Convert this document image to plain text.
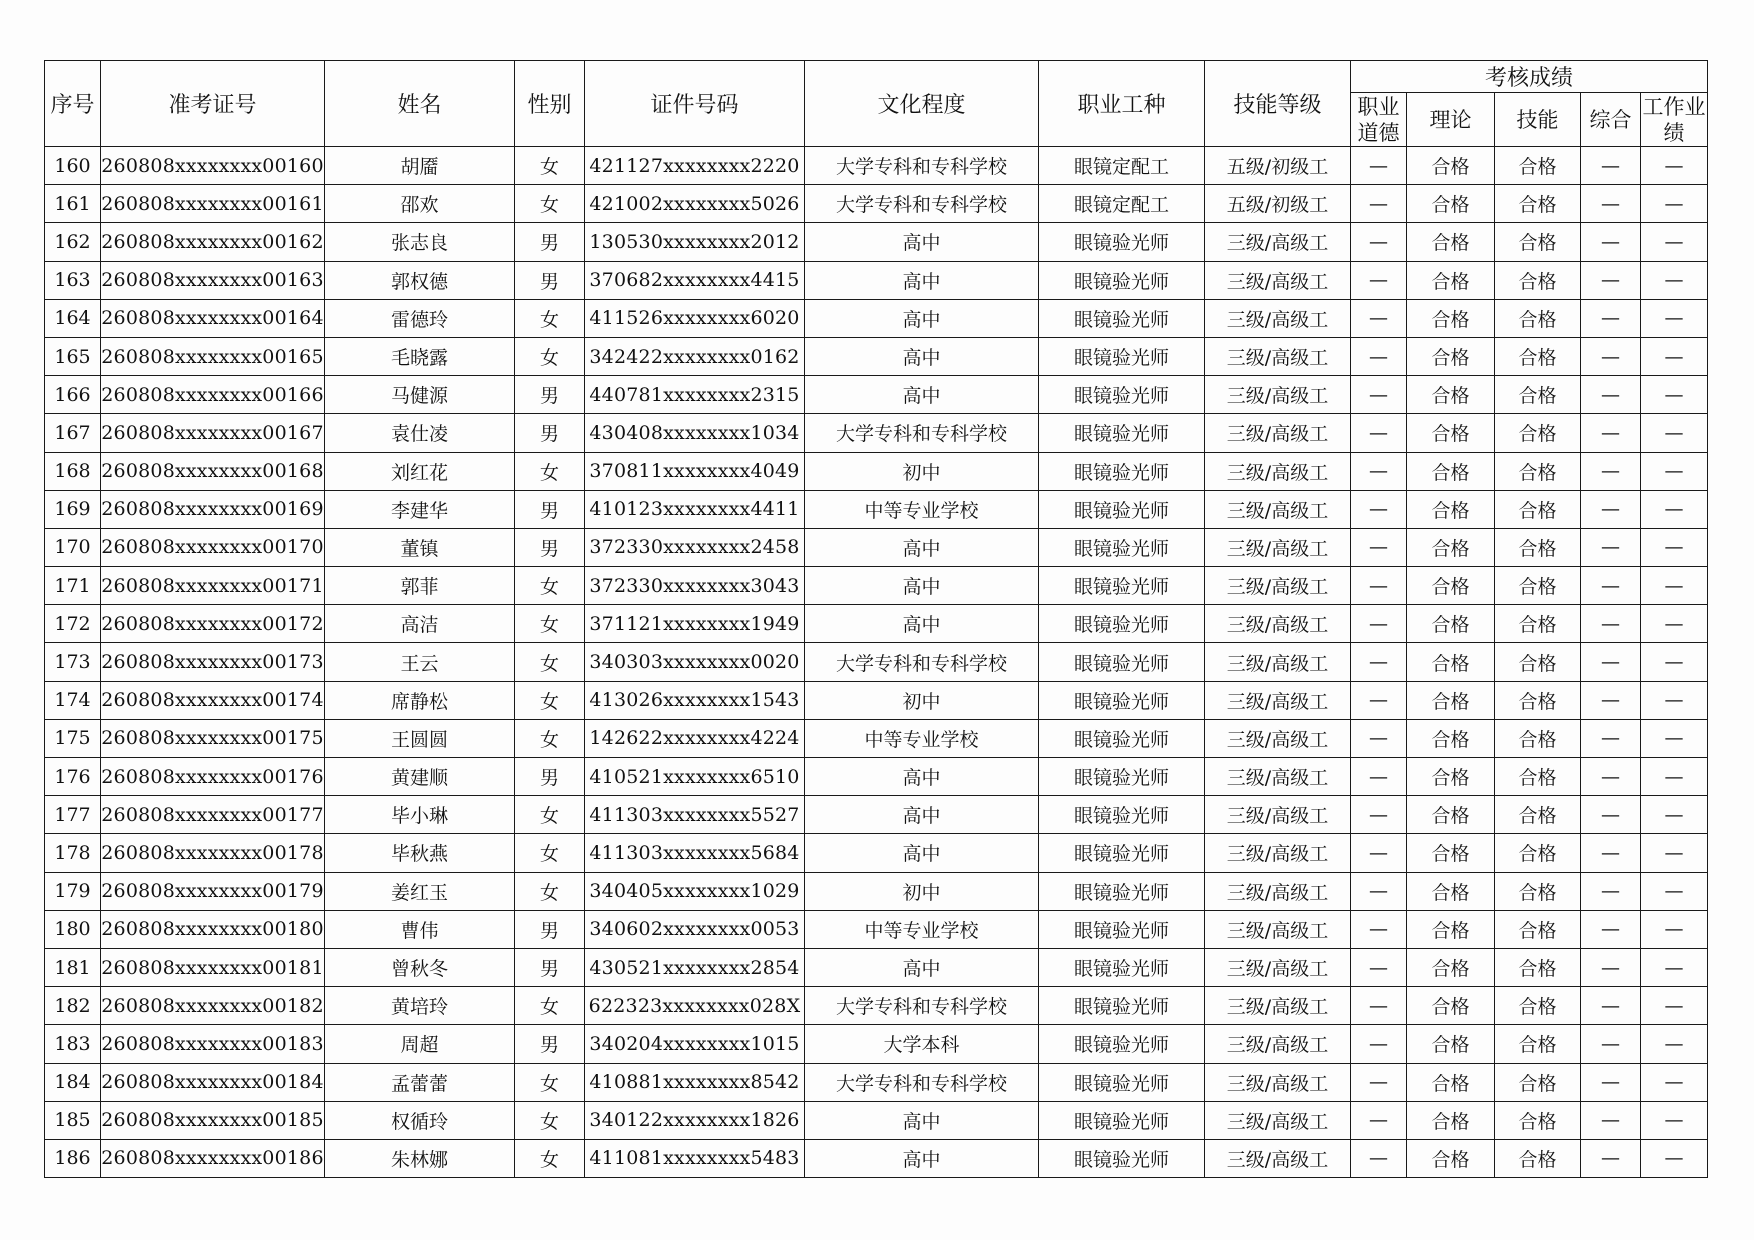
序号	准考证号	姓名	性别	证件号码	文化程度	职业工种	技能等级	考核成绩				
								职业道德	理论	技能	综合	工作业绩
160	260808xxxxxxxx00160	胡靥	女	421127xxxxxxxx2220	大学专科和专科学校	眼镜定配工	五级/初级工	—	合格	合格	—	—
161	260808xxxxxxxx00161	邵欢	女	421002xxxxxxxx5026	大学专科和专科学校	眼镜定配工	五级/初级工	—	合格	合格	—	—
162	260808xxxxxxxx00162	张志良	男	130530xxxxxxxx2012	高中	眼镜验光师	三级/高级工	—	合格	合格	—	—
163	260808xxxxxxxx00163	郭权德	男	370682xxxxxxxx4415	高中	眼镜验光师	三级/高级工	—	合格	合格	—	—
164	260808xxxxxxxx00164	雷德玲	女	411526xxxxxxxx6020	高中	眼镜验光师	三级/高级工	—	合格	合格	—	—
165	260808xxxxxxxx00165	毛晓露	女	342422xxxxxxxx0162	高中	眼镜验光师	三级/高级工	—	合格	合格	—	—
166	260808xxxxxxxx00166	马健源	男	440781xxxxxxxx2315	高中	眼镜验光师	三级/高级工	—	合格	合格	—	—
167	260808xxxxxxxx00167	袁仕凌	男	430408xxxxxxxx1034	大学专科和专科学校	眼镜验光师	三级/高级工	—	合格	合格	—	—
168	260808xxxxxxxx00168	刘红花	女	370811xxxxxxxx4049	初中	眼镜验光师	三级/高级工	—	合格	合格	—	—
169	260808xxxxxxxx00169	李建华	男	410123xxxxxxxx4411	中等专业学校	眼镜验光师	三级/高级工	—	合格	合格	—	—
170	260808xxxxxxxx00170	董镇	男	372330xxxxxxxx2458	高中	眼镜验光师	三级/高级工	—	合格	合格	—	—
171	260808xxxxxxxx00171	郭菲	女	372330xxxxxxxx3043	高中	眼镜验光师	三级/高级工	—	合格	合格	—	—
172	260808xxxxxxxx00172	高洁	女	371121xxxxxxxx1949	高中	眼镜验光师	三级/高级工	—	合格	合格	—	—
173	260808xxxxxxxx00173	王云	女	340303xxxxxxxx0020	大学专科和专科学校	眼镜验光师	三级/高级工	—	合格	合格	—	—
174	260808xxxxxxxx00174	席静松	女	413026xxxxxxxx1543	初中	眼镜验光师	三级/高级工	—	合格	合格	—	—
175	260808xxxxxxxx00175	王圆圆	女	142622xxxxxxxx4224	中等专业学校	眼镜验光师	三级/高级工	—	合格	合格	—	—
176	260808xxxxxxxx00176	黄建顺	男	410521xxxxxxxx6510	高中	眼镜验光师	三级/高级工	—	合格	合格	—	—
177	260808xxxxxxxx00177	毕小琳	女	411303xxxxxxxx5527	高中	眼镜验光师	三级/高级工	—	合格	合格	—	—
178	260808xxxxxxxx00178	毕秋燕	女	411303xxxxxxxx5684	高中	眼镜验光师	三级/高级工	—	合格	合格	—	—
179	260808xxxxxxxx00179	姜红玉	女	340405xxxxxxxx1029	初中	眼镜验光师	三级/高级工	—	合格	合格	—	—
180	260808xxxxxxxx00180	曹伟	男	340602xxxxxxxx0053	中等专业学校	眼镜验光师	三级/高级工	—	合格	合格	—	—
181	260808xxxxxxxx00181	曾秋冬	男	430521xxxxxxxx2854	高中	眼镜验光师	三级/高级工	—	合格	合格	—	—
182	260808xxxxxxxx00182	黄培玲	女	622323xxxxxxxx028X	大学专科和专科学校	眼镜验光师	三级/高级工	—	合格	合格	—	—
183	260808xxxxxxxx00183	周超	男	340204xxxxxxxx1015	大学本科	眼镜验光师	三级/高级工	—	合格	合格	—	—
184	260808xxxxxxxx00184	孟蕾蕾	女	410881xxxxxxxx8542	大学专科和专科学校	眼镜验光师	三级/高级工	—	合格	合格	—	—
185	260808xxxxxxxx00185	权循玲	女	340122xxxxxxxx1826	高中	眼镜验光师	三级/高级工	—	合格	合格	—	—
186	260808xxxxxxxx00186	朱林娜	女	411081xxxxxxxx5483	高中	眼镜验光师	三级/高级工	—	合格	合格	—	—
